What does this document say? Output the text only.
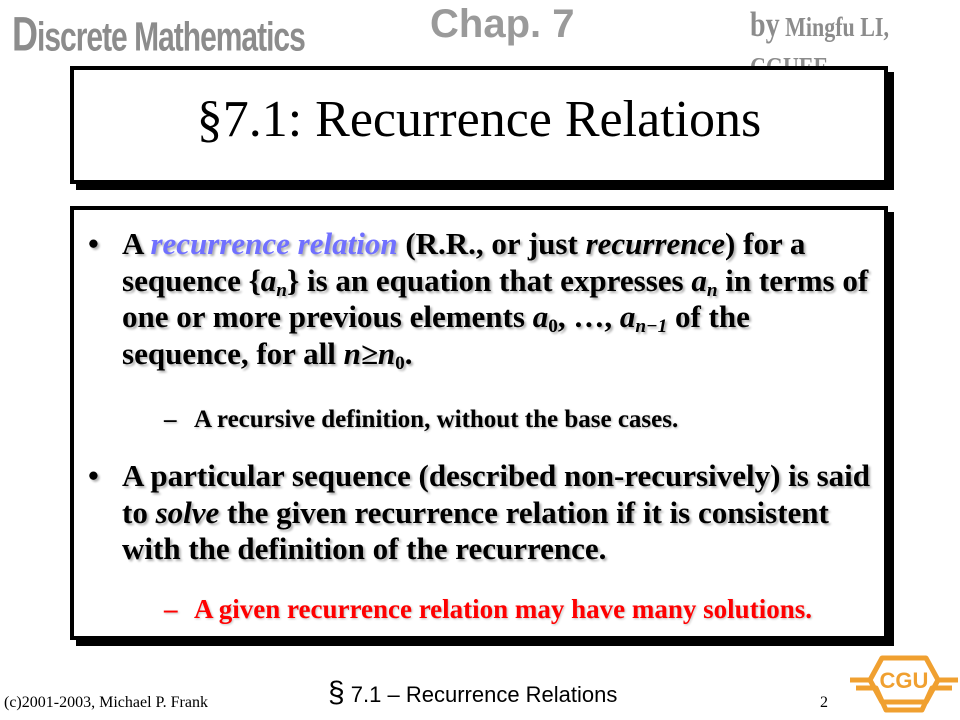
Discrete Mathematics	Chap. 7	by Mingfu LI,
§7.1: Recurrence Relations
• A recurrence relation (R.R., or just recurrence) for a sequence $\{a_n\}$ is an equation that expresses $a_n$ in terms of one or more previous elements $a_0$, …, $a_{n-1}$ of the sequence, for all $n\ge n_0$.
– A recursive definition, without the base cases.
• A particular sequence (described non-recursively) is said to solve the given recurrence relation if it is consistent with the definition of the recurrence.
– A given recurrence relation may have many solutions.
(c)2001-2003, Michael P. Frank	§ 7.1 – Recurrence Relations	2
CGU
